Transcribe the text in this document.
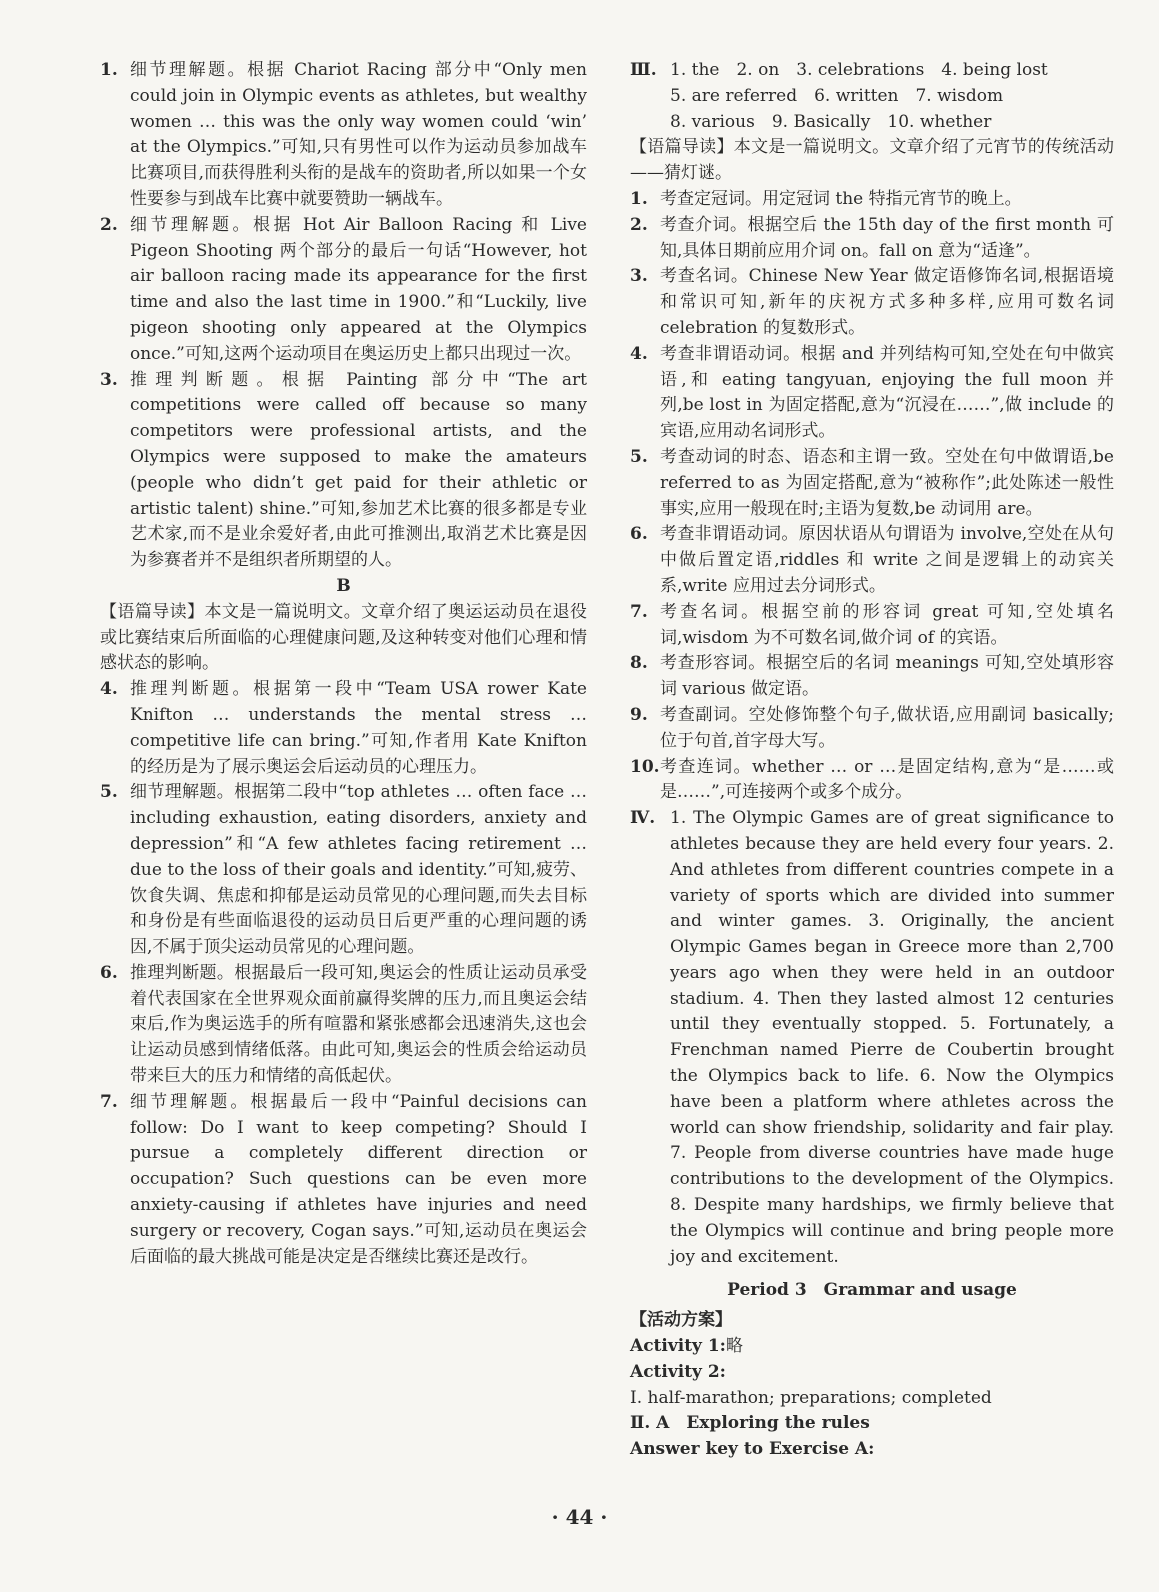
1. 细节理解题。根据 Chariot Racing 部分中“Only men could join in Olympic events as athletes, but wealthy women … this was the only way women could ‘win’ at the Olympics.”可知,只有男性可以作为运动员参加战车比赛项目,而获得胜利头衔的是战车的资助者,所以如果一个女性要参与到战车比赛中就要赞助一辆战车。

2. 细节理解题。根据 Hot Air Balloon Racing 和 Live Pigeon Shooting 两个部分的最后一句话“However, hot air balloon racing made its appearance for the first time and also the last time in 1900.”和“Luckily, live pigeon shooting only appeared at the Olympics once.”可知,这两个运动项目在奥运历史上都只出现过一次。

3. 推理判断题。根据 Painting 部分中“The art competitions were called off because so many competitors were professional artists, and the Olympics were supposed to make the amateurs (people who didn’t get paid for their athletic or artistic talent) shine.”可知,参加艺术比赛的很多都是专业艺术家,而不是业余爱好者,由此可推测出,取消艺术比赛是因为参赛者并不是组织者所期望的人。

B

【语篇导读】本文是一篇说明文。文章介绍了奥运运动员在退役或比赛结束后所面临的心理健康问题,及这种转变对他们心理和情感状态的影响。

4. 推理判断题。根据第一段中“Team USA rower Kate Knifton … understands the mental stress … competitive life can bring.”可知,作者用 Kate Knifton 的经历是为了展示奥运会后运动员的心理压力。

5. 细节理解题。根据第二段中“top athletes … often face … including exhaustion, eating disorders, anxiety and depression”和“A few athletes facing retirement … due to the loss of their goals and identity.”可知,疲劳、饮食失调、焦虑和抑郁是运动员常见的心理问题,而失去目标和身份是有些面临退役的运动员日后更严重的心理问题的诱因,不属于顶尖运动员常见的心理问题。

6. 推理判断题。根据最后一段可知,奥运会的性质让运动员承受着代表国家在全世界观众面前赢得奖牌的压力,而且奥运会结束后,作为奥运选手的所有喧嚣和紧张感都会迅速消失,这也会让运动员感到情绪低落。由此可知,奥运会的性质会给运动员带来巨大的压力和情绪的高低起伏。

7. 细节理解题。根据最后一段中“Painful decisions can follow: Do I want to keep competing? Should I pursue a completely different direction or occupation? Such questions can be even more anxiety-causing if athletes have injuries and need surgery or recovery, Cogan says.”可知,运动员在奥运会后面临的最大挑战可能是决定是否继续比赛还是改行。

Ⅲ. 1. the　2. on　3. celebrations　4. being lost
5. are referred　6. written　7. wisdom
8. various　9. Basically　10. whether

【语篇导读】本文是一篇说明文。文章介绍了元宵节的传统活动——猜灯谜。

1. 考查定冠词。用定冠词 the 特指元宵节的晚上。

2. 考查介词。根据空后 the 15th day of the first month 可知,具体日期前应用介词 on。fall on 意为“适逢”。

3. 考查名词。Chinese New Year 做定语修饰名词,根据语境和常识可知,新年的庆祝方式多种多样,应用可数名词 celebration 的复数形式。

4. 考查非谓语动词。根据 and 并列结构可知,空处在句中做宾语,和 eating tangyuan, enjoying the full moon 并列,be lost in 为固定搭配,意为“沉浸在……”,做 include 的宾语,应用动名词形式。

5. 考查动词的时态、语态和主谓一致。空处在句中做谓语,be referred to as 为固定搭配,意为“被称作”;此处陈述一般性事实,应用一般现在时;主语为复数,be 动词用 are。

6. 考查非谓语动词。原因状语从句谓语为 involve,空处在从句中做后置定语,riddles 和 write 之间是逻辑上的动宾关系,write 应用过去分词形式。

7. 考查名词。根据空前的形容词 great 可知,空处填名词,wisdom 为不可数名词,做介词 of 的宾语。

8. 考查形容词。根据空后的名词 meanings 可知,空处填形容词 various 做定语。

9. 考查副词。空处修饰整个句子,做状语,应用副词 basically;位于句首,首字母大写。

10. 考查连词。whether … or …是固定结构,意为“是……或是……”,可连接两个或多个成分。

Ⅳ. 1. The Olympic Games are of great significance to athletes because they are held every four years. 2. And athletes from different countries compete in a variety of sports which are divided into summer and winter games. 3. Originally, the ancient Olympic Games began in Greece more than 2,700 years ago when they were held in an outdoor stadium. 4. Then they lasted almost 12 centuries until they eventually stopped. 5. Fortunately, a Frenchman named Pierre de Coubertin brought the Olympics back to life. 6. Now the Olympics have been a platform where athletes across the world can show friendship, solidarity and fair play. 7. People from diverse countries have made huge contributions to the development of the Olympics. 8. Despite many hardships, we firmly believe that the Olympics will continue and bring people more joy and excitement.

Period 3　Grammar and usage

【活动方案】

Activity 1:略

Activity 2:

Ⅰ. half-marathon; preparations; completed

Ⅱ. A　Exploring the rules

Answer key to Exercise A:

· 44 ·
